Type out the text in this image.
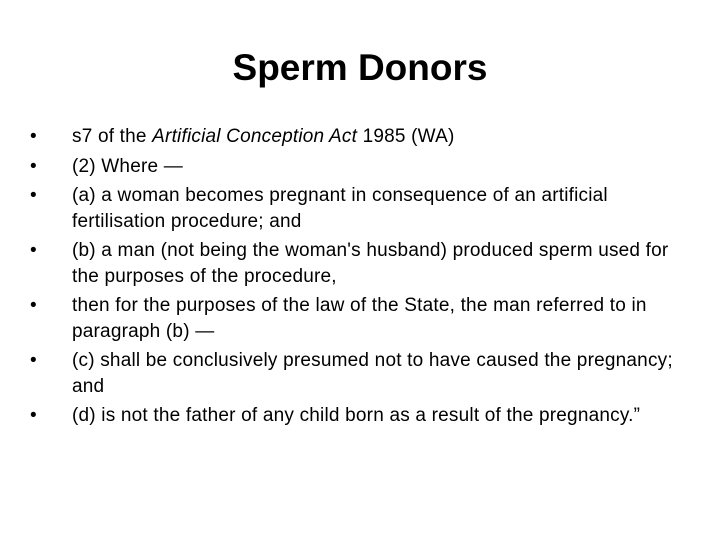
Sperm Donors
•	s7 of the Artificial Conception Act 1985 (WA)
•	(2) Where —
•	(a) a woman becomes pregnant in consequence of an artificial fertilisation procedure; and
•	(b) a man (not being the woman's husband) produced sperm used for the purposes of the procedure,
•	then for the purposes of the law of the State, the man referred to in paragraph (b) —
•	(c) shall be conclusively presumed not to have caused the pregnancy; and
•	(d) is not the father of any child born as a result of the pregnancy.”
